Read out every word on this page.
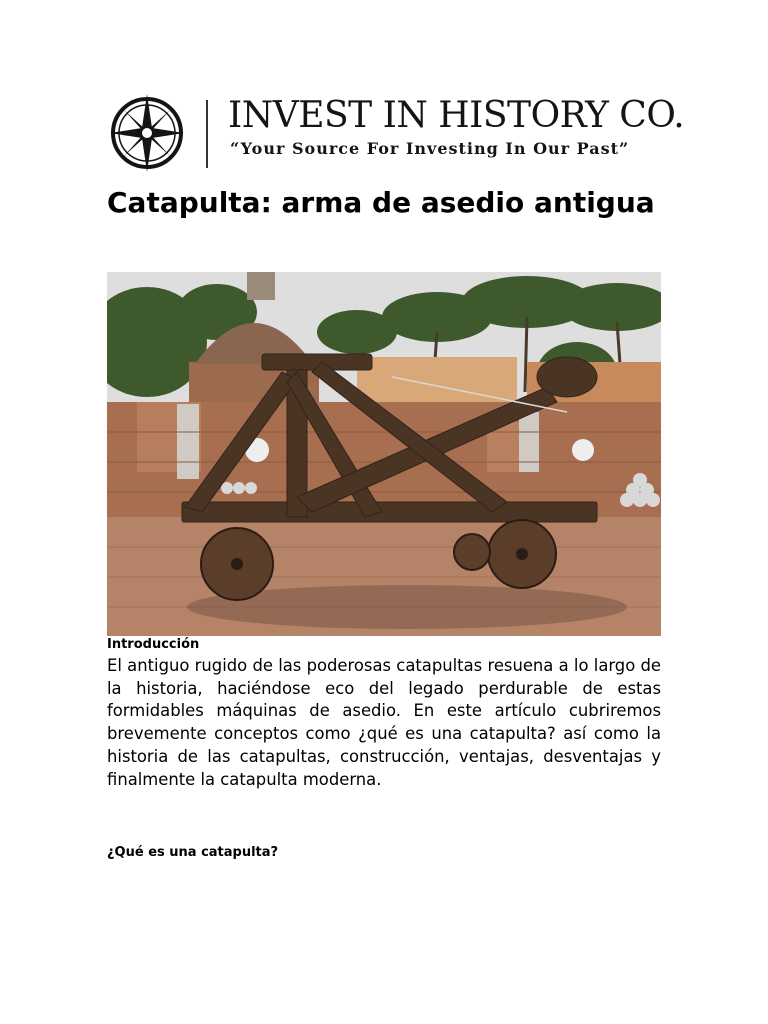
INVEST IN HISTORY CO.
“Your Source For Investing In Our Past”
Catapulta: arma de asedio antigua
Introducción

El antiguo rugido de las poderosas catapultas resuena a lo largo de la historia, haciéndose eco del legado perdurable de estas formidables máquinas de asedio. En este artículo cubriremos brevemente conceptos como ¿qué es una catapulta? así como la historia de las catapultas, construcción, ventajas, desventajas y finalmente la catapulta moderna.

¿Qué es una catapulta?
